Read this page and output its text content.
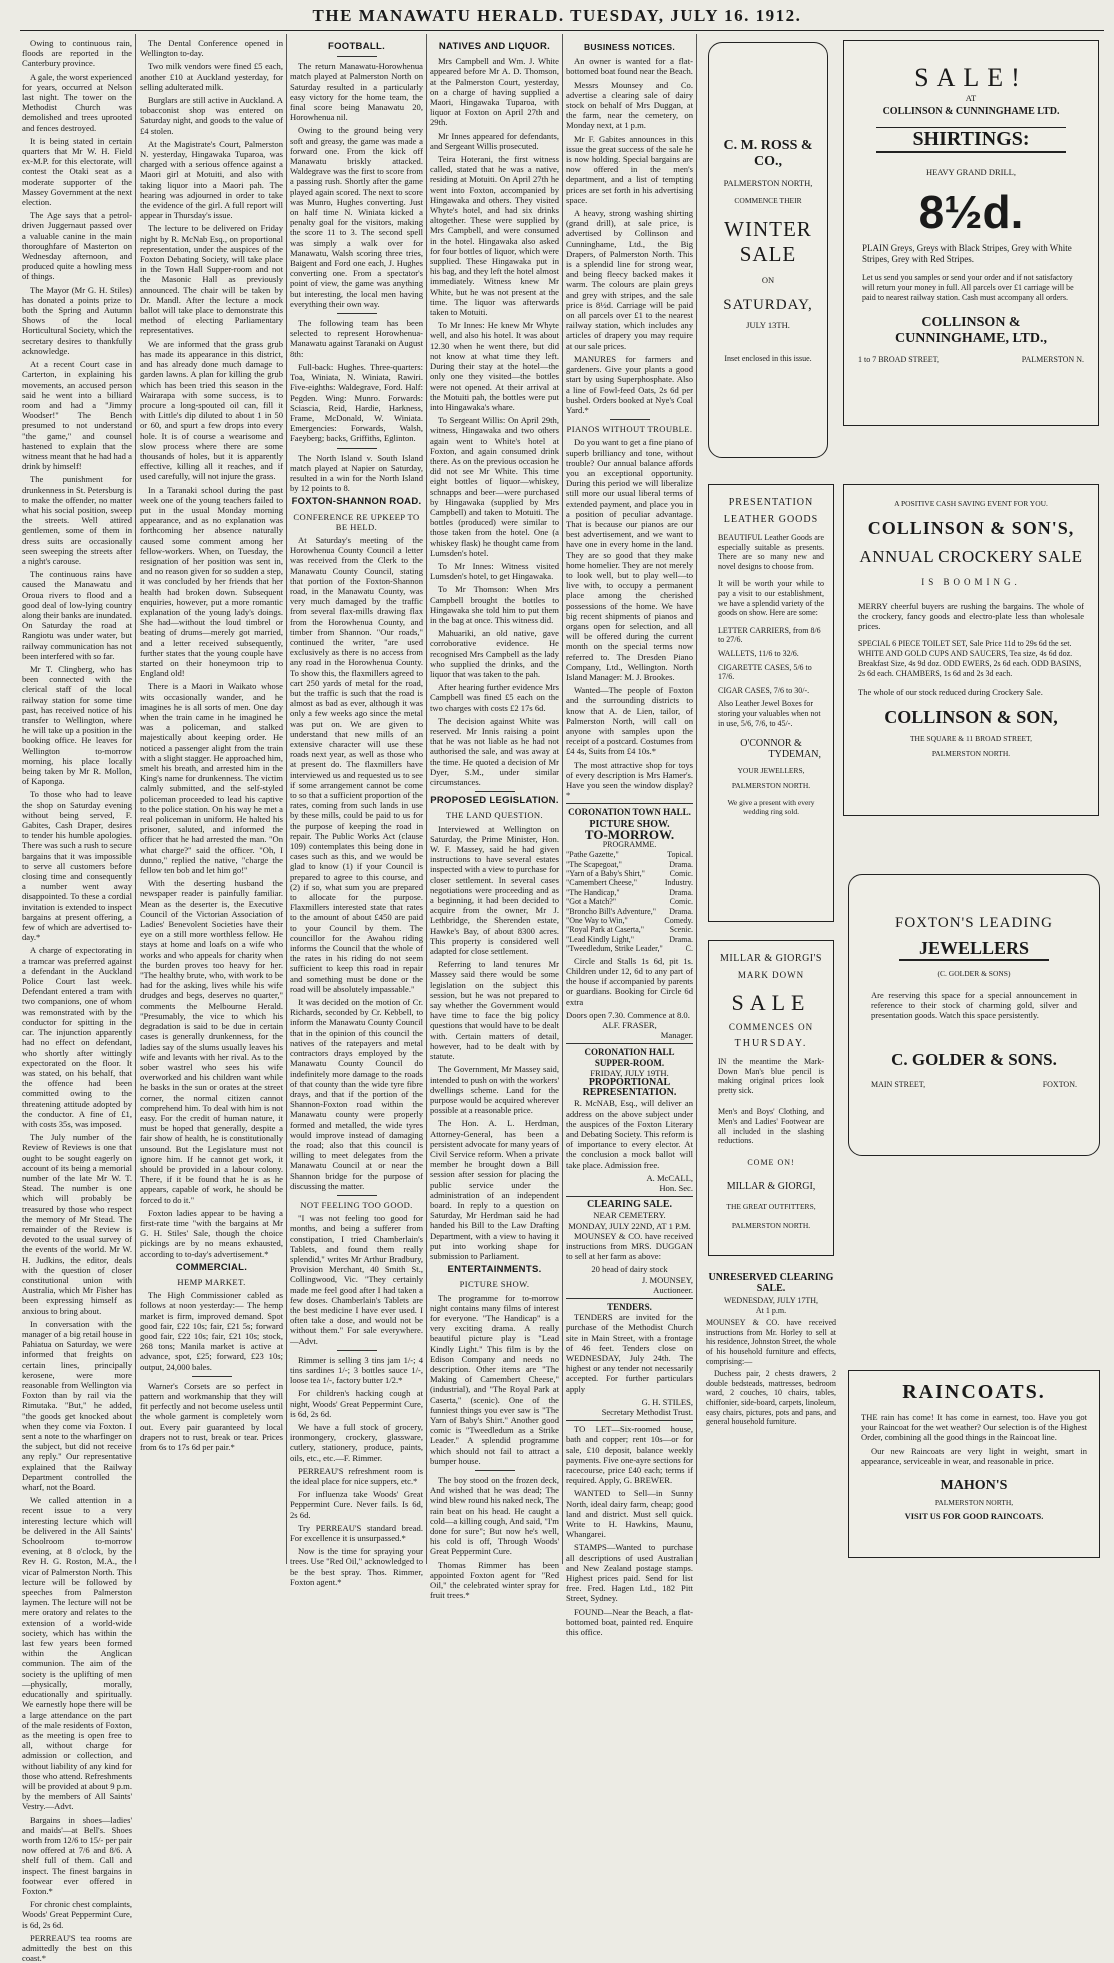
THE MANAWATU HERALD. TUESDAY, JULY 16. 1912.

Owing to continuous rain, floods are reported in the Canterbury province.

A gale, the worst experienced for years, occurred at Nelson last night. The tower on the Methodist Church was demolished and trees uprooted and fences destroyed.

It is being stated in certain quarters that Mr W. H. Field ex-M.P. for this electorate, will contest the Otaki seat as a moderate supporter of the Massey Government at the next election.

The Age says that a petrol-driven Juggernaut passed over a valuable canine in the main thoroughfare of Masterton on Wednesday afternoon, and produced quite a howling mess of things.

The Mayor (Mr G. H. Stiles) has donated a points prize to both the Spring and Autumn Shows of the local Horticultural Society, which the secretary desires to thankfully acknowledge.

At a recent Court case in Carterton, in explaining his movements, an accused person said he went into a billiard room and had a "Jimmy Woodser!" The Bench presumed to not understand "the game," and counsel hastened to explain that the witness meant that he had had a drink by himself!

The punishment for drunkenness in St. Petersburg is to make the offender, no matter what his social position, sweep the streets. Well attired gentlemen, some of them in dress suits are occasionally seen sweeping the streets after a night's carouse.

The continuous rains have caused the Manawatu and Oroua rivers to flood and a good deal of low-lying country along their banks are inundated. On Saturday the road at Rangiotu was under water, but railway communication has not been interfered with so far.

Mr T. Clingberg, who has been connected with the clerical staff of the local railway station for some time past, has received notice of his transfer to Wellington, where he will take up a position in the booking office. He leaves for Wellington to-morrow morning, his place locally being taken by Mr R. Mollon, of Kaponga.

To those who had to leave the shop on Saturday evening without being served, F. Gabites, Cash Draper, desires to tender his humble apologies. There was such a rush to secure bargains that it was impossible to serve all customers before closing time and consequently a number went away disappointed. To these a cordial invitation is extended to inspect bargains at present offering, a few of which are advertised to-day.*

A charge of expectorating in a tramcar was preferred against a defendant in the Auckland Police Court last week. Defendant entered a tram with two companions, one of whom was remonstrated with by the conductor for spitting in the car. The injunction apparently had no effect on defendant, who shortly after wittingly expectorated on the floor. It was stated, on his behalf, that the offence had been committed owing to the threatening attitude adopted by the conductor. A fine of £1, with costs 35s, was imposed.

The July number of the Review of Reviews is one that ought to be sought eagerly on account of its being a memorial number of the late Mr W. T. Stead. The number is one which will probably be treasured by those who respect the memory of Mr Stead. The remainder of the Review is devoted to the usual survey of the events of the world. Mr W. H. Judkins, the editor, deals with the question of closer constitutional union with Australia, which Mr Fisher has been expressing himself as anxious to bring about.

In conversation with the manager of a big retail house in Pahiatua on Saturday, we were informed that freights on certain lines, principally kerosene, were more reasonable from Wellington via Foxton than by rail via the Rimutaka. "But," he added, "the goods get knocked about when they come via Foxton. I sent a note to the wharfinger on the subject, but did not receive any reply." Our representative explained that the Railway Department controlled the wharf, not the Board.

We called attention in a recent issue to a very interesting lecture which will be delivered in the All Saints' Schoolroom to-morrow evening, at 8 o'clock, by the Rev H. G. Roston, M.A., the vicar of Palmerston North. This lecture will be followed by speeches from Palmerston laymen. The lecture will not be mere oratory and relates to the extension of a world-wide society, which has within the last few years been formed within the Anglican communion. The aim of the society is the uplifting of men—physically, morally, educationally and spiritually. We earnestly hope there will be a large attendance on the part of the male residents of Foxton, as the meeting is open free to all, without charge for admission or collection, and without liability of any kind for those who attend. Refreshments will be provided at about 9 p.m. by the members of All Saints' Vestry.—Advt.

Bargains in shoes—ladies' and maids'—at Bell's. Shoes worth from 12/6 to 15/- per pair now offered at 7/6 and 8/6. A shelf full of them. Call and inspect. The finest bargains in footwear ever offered in Foxton.*

For chronic chest complaints, Woods' Great Peppermint Cure, is 6d, 2s 6d.

PERREAU'S tea rooms are admittedly the best on this coast.*

The Dental Conference opened in Wellington to-day.

Two milk vendors were fined £5 each, another £10 at Auckland yesterday, for selling adulterated milk.

Burglars are still active in Auckland. A tobacconist shop was entered on Saturday night, and goods to the value of £4 stolen.

At the Magistrate's Court, Palmerston N. yesterday, Hingawaka Tuparoa, was charged with a serious offence against a Maori girl at Motuiti, and also with taking liquor into a Maori pah. The hearing was adjourned in order to take the evidence of the girl. A full report will appear in Thursday's issue.

The lecture to be delivered on Friday night by R. McNab Esq., on proportional representation, under the auspices of the Foxton Debating Society, will take place in the Town Hall Supper-room and not the Masonic Hall as previously announced. The chair will be taken by Dr. Mandl. After the lecture a mock ballot will take place to demonstrate this method of electing Parliamentary representatives.

We are informed that the grass grub has made its appearance in this district, and has already done much damage to garden lawns. A plan for killing the grub which has been tried this season in the Wairarapa with some success, is to procure a long-spouted oil can, fill it with Little's dip diluted to about 1 in 50 or 60, and spurt a few drops into every hole. It is of course a wearisome and slow process where there are some thousands of holes, but it is apparently effective, killing all it reaches, and if used carefully, will not injure the grass.

In a Taranaki school during the past week one of the young teachers failed to put in the usual Monday morning appearance, and as no explanation was forthcoming her absence naturally caused some comment among her fellow-workers. When, on Tuesday, the resignation of her position was sent in, and no reason given for so sudden a step, it was concluded by her friends that her health had broken down. Subsequent enquiries, however, put a more romantic explanation of the young lady's doings. She had—without the loud timbrel or beating of drums—merely got married, and a letter received subsequently, further states that the young couple have started on their honeymoon trip to England old!

There is a Maori in Waikato whose wits occasionally wander, and he imagines he is all sorts of men. One day when the train came in he imagined he was a policeman, and stalked majestically about keeping order. He noticed a passenger alight from the train with a slight stagger. He approached him, smelt his breath, and arrested him in the King's name for drunkenness. The victim calmly submitted, and the self-styled policeman proceeded to lead his captive to the police station. On his way he met a real policeman in uniform. He halted his prisoner, saluted, and informed the officer that he had arrested the man. "On what charge?" said the officer. "Oh, I dunno," replied the native, "charge the fellow ten bob and let him go!"

With the deserting husband the newspaper reader is painfully familiar. Mean as the deserter is, the Executive Council of the Victorian Association of Ladies' Benevolent Societies have their eye on a still more worthless fellow. He stays at home and loafs on a wife who works and who appeals for charity when the burden proves too heavy for her. "The healthy brute, who, with work to be had for the asking, lives while his wife drudges and begs, deserves no quarter," comments the Melbourne Herald. "Presumably, the vice to which his degradation is said to be due in certain cases is generally drunkenness, for the ladies say of the slums usually leaves his wife and levants with her rival. As to the sober wastrel who sees his wife overworked and his children want while he basks in the sun or orates at the street corner, the normal citizen cannot comprehend him. To deal with him is not easy. For the credit of human nature, it must be hoped that generally, despite a fair show of health, he is constitutionally unsound. But the Legislature must not ignore him. If he cannot get work, it should be provided in a labour colony. There, if it be found that he is as he appears, capable of work, he should be forced to do it."

Foxton ladies appear to be having a first-rate time "with the bargains at Mr G. H. Stiles' Sale, though the choice pickings are by no means exhausted, according to to-day's advertisement.*

COMMERCIAL.
HEMP MARKET.

The High Commissioner cabled as follows at noon yesterday:— The hemp market is firm, improved demand. Spot good fair, £22 10s; fair, £21 5s; forward good fair, £22 10s; fair, £21 10s; stock, 268 tons; Manila market is active at advance, spot, £25; forward, £23 10s; output, 24,000 bales.

Warner's Corsets are so perfect in pattern and workmanship that they will fit perfectly and not become useless until the whole garment is completely worn out. Every pair guaranteed by local drapers not to rust, break or tear. Prices from 6s to 17s 6d per pair.*

FOOTBALL.

The return Manawatu-Horowhenua match played at Palmerston North on Saturday resulted in a particularly easy victory for the home team, the final score being Manawatu 20, Horowhenua nil.

Owing to the ground being very soft and greasy, the game was made a forward one. From the kick off Manawatu briskly attacked. Waldegrave was the first to score from a passing rush. Shortly after the game played again scored. The next to score was Munro, Hughes converting. Just on half time N. Winiata kicked a penalty goal for the visitors, making the score 11 to 3. The second spell was simply a walk over for Manawatu, Walsh scoring three tries, Baigent and Ford one each, J. Hughes converting one. From a spectator's point of view, the game was anything but interesting, the local men having everything their own way.

The following team has been selected to represent Horowhenua-Manawatu against Taranaki on August 8th:

Full-back: Hughes. Three-quarters: Toa, Winiata, N. Winiata, Rawiri. Five-eighths: Waldegrave, Ford. Half: Pegden. Wing: Munro. Forwards: Sciascia, Reid, Hardie, Harkness, Frame, McDonald, W. Winiata. Emergencies: Forwards, Walsh, Faeyberg; backs, Griffiths, Eglinton.

The North Island v. South Island match played at Napier on Saturday, resulted in a win for the North Island by 12 points to 8.

FOXTON-SHANNON ROAD.
CONFERENCE RE UPKEEP TO BE HELD.

At Saturday's meeting of the Horowhenua County Council a letter was received from the Clerk to the Manawatu County Council, stating that portion of the Foxton-Shannon road, in the Manawatu County, was very much damaged by the traffic from several flax-mills drawing flax from the Horowhenua County, and timber from Shannon. "Our roads," continued the writer, "are used exclusively as there is no access from any road in the Horowhenua County. To show this, the flaxmillers agreed to cart 250 yards of metal for the road, but the traffic is such that the road is almost as bad as ever, although it was only a few weeks ago since the metal was put on. We are given to understand that new mills of an extensive character will use these roads next year, as well as those who at present do. The flaxmillers have interviewed us and requested us to see if some arrangement cannot be come to so that a sufficient proportion of the rates, coming from such lands in use by these mills, could be paid to us for the purpose of keeping the road in repair. The Public Works Act (clause 109) contemplates this being done in cases such as this, and we would be glad to know (1) if your Council is prepared to agree to this course, and (2) if so, what sum you are prepared to allocate for the purpose. Flaxmillers interested state that rates to the amount of about £450 are paid to your Council by them. The councillor for the Awahou riding informs the Council that the whole of the rates in his riding do not seem sufficient to keep this road in repair and something must be done or the road will be absolutely impassable."

It was decided on the motion of Cr. Richards, seconded by Cr. Kebbell, to inform the Manawatu County Council that in the opinion of this council the natives of the ratepayers and metal contractors drays employed by the Manawatu County Council do indefinitely more damage to the roads of that county than the wide tyre fibre drays, and that if the portion of the Shannon-Foxton road within the Manawatu county were properly formed and metalled, the wide tyres would improve instead of damaging the road; also that this council is willing to meet delegates from the Manawatu Council at or near the Shannon bridge for the purpose of discussing the matter.

NOT FEELING TOO GOOD.

"I was not feeling too good for months, and being a sufferer from constipation, I tried Chamberlain's Tablets, and found them really splendid," writes Mr Arthur Bradbury, Provision Merchant, 40 Smith St., Collingwood, Vic. "They certainly made me feel good after I had taken a few doses. Chamberlain's Tablets are the best medicine I have ever used. I often take a dose, and would not be without them." For sale everywhere.—Advt.

Rimmer is selling 3 tins jam 1/-; 4 tins sardines 1/-; 3 bottles sauce 1/-, loose tea 1/-, factory butter 1/2.*

For children's hacking cough at night, Woods' Great Peppermint Cure, is 6d, 2s 6d.

We have a full stock of grocery, ironmongery, crockery, glassware, cutlery, stationery, produce, paints, oils, etc., etc.—F. Rimmer.

PERREAU'S refreshment room is the ideal place for nice suppers, etc.*

For influenza take Woods' Great Peppermint Cure. Never fails. Is 6d, 2s 6d.

Try PERREAU'S standard bread. For excellence it is unsurpassed.*

Now is the time for spraying your trees. Use "Red Oil," acknowledged to be the best spray. Thos. Rimmer, Foxton agent.*

NATIVES AND LIQUOR.

Mrs Campbell and Wm. J. White appeared before Mr A. D. Thomson, at the Palmerston Court, yesterday, on a charge of having supplied a Maori, Hingawaka Tuparoa, with liquor at Foxton on April 27th and 29th.

Mr Innes appeared for defendants, and Sergeant Willis prosecuted.

Teira Hoterani, the first witness called, stated that he was a native, residing at Motuiti. On April 27th he went into Foxton, accompanied by Hingawaka and others. They visited Whyte's hotel, and had six drinks altogether. These were supplied by Mrs Campbell, and were consumed in the hotel. Hingawaka also asked for four bottles of liquor, which were supplied. These Hingawaka put in his bag, and they left the hotel almost immediately. Witness knew Mr White, but he was not present at the time. The liquor was afterwards taken to Motuiti.

To Mr Innes: He knew Mr Whyte well, and also his hotel. It was about 12.30 when he went there, but did not know at what time they left. During their stay at the hotel—the only one they visited—the bottles were not opened. At their arrival at the Motuiti pah, the bottles were put into Hingawaka's whare.

To Sergeant Willis: On April 29th, witness, Hingawaka and two others again went to White's hotel at Foxton, and again consumed drink there. As on the previous occasion he did not see Mr White. This time eight bottles of liquor—whiskey, schnapps and beer—were purchased by Hingawaka (supplied by Mrs Campbell) and taken to Motuiti. The bottles (produced) were similar to those taken from the hotel. One (a whiskey flask) he thought came from Lumsden's hotel.

To Mr Innes: Witness visited Lumsden's hotel, to get Hingawaka.

To Mr Thomson: When Mrs Campbell brought the bottles to Hingawaka she told him to put them in the bag at once. This witness did.

Mahuariki, an old native, gave corroborative evidence. He recognised Mrs Campbell as the lady who supplied the drinks, and the liquor that was taken to the pah.

After hearing further evidence Mrs Campbell was fined £5 each on the two charges with costs £2 17s 6d.

The decision against White was reserved. Mr Innis raising a point that he was not liable as he had not authorised the sale, and was away at the time. He quoted a decision of Mr Dyer, S.M., under similar circumstances.

PROPOSED LEGISLATION.
THE LAND QUESTION.

Interviewed at Wellington on Saturday, the Prime Minister, Hon. W. F. Massey, said he had given instructions to have several estates inspected with a view to purchase for closer settlement. In several cases negotiations were proceeding and as a beginning, it had been decided to acquire from the owner, Mr J. Lethbridge, the Sherenden estate, Hawke's Bay, of about 8300 acres. This property is considered well adapted for close settlement.

Referring to land tenures Mr Massey said there would be some legislation on the subject this session, but he was not prepared to say whether the Government would have time to face the big policy questions that would have to be dealt with. Certain matters of detail, however, had to be dealt with by statute.

The Government, Mr Massey said, intended to push on with the workers' dwellings scheme. Land for the purpose would be acquired wherever possible at a reasonable price.

The Hon. A. L. Herdman, Attorney-General, has been a persistent advocate for many years of Civil Service reform. When a private member he brought down a Bill session after session for placing the public service under the administration of an independent board. In reply to a question on Saturday, Mr Herdman said he had handed his Bill to the Law Drafting Department, with a view to having it put into working shape for submission to Parliament.

ENTERTAINMENTS.
PICTURE SHOW.

The programme for to-morrow night contains many films of interest for everyone. "The Handicap" is a very exciting drama. A really beautiful picture play is "Lead Kindly Light." This film is by the Edison Company and needs no description. Other items are "The Making of Camembert Cheese," (industrial), and "The Royal Park at Caserta," (scenic). One of the funniest things you ever saw is "The Yarn of Baby's Shirt." Another good comic is "Tweedledum as a Strike Leader." A splendid programme which should not fail to attract a bumper house.

The boy stood on the frozen deck, And wished that he was dead; The wind blew round his naked neck, The rain beat on his head. He caught a cold—a killing cough, And said, "I'm done for sure"; But now he's well, his cold is off, Through Woods' Great Peppermint Cure.

Thomas Rimmer has been appointed Foxton agent for "Red Oil," the celebrated winter spray for fruit trees.*

BUSINESS NOTICES.

An owner is wanted for a flat-bottomed boat found near the Beach.

Messrs Mounsey and Co. advertise a clearing sale of dairy stock on behalf of Mrs Duggan, at the farm, near the cemetery, on Monday next, at 1 p.m.

Mr F. Gabites announces in this issue the great success of the sale he is now holding. Special bargains are now offered in the men's department, and a list of tempting prices are set forth in his advertising space.

A heavy, strong washing shirting (grand drill), at sale price, is advertised by Collinson and Cunninghame, Ltd., the Big Drapers, of Palmerston North. This is a splendid line for strong wear, and being fleecy backed makes it warm. The colours are plain greys and grey with stripes, and the sale price is 8½d. Carriage will be paid on all parcels over £1 to the nearest railway station, which includes any articles of drapery you may require at our sale prices.

MANURES for farmers and gardeners. Give your plants a good start by using Superphosphate. Also a line of Fowl-feed Oats, 2s 6d per bushel. Orders booked at Nye's Coal Yard.*

PIANOS WITHOUT TROUBLE.

Do you want to get a fine piano of superb brilliancy and tone, without trouble? Our annual balance affords you an exceptional opportunity. During this period we will liberalize still more our usual liberal terms of extended payment, and place you in a position of peculiar advantage. That is because our pianos are our best advertisement, and we want to have one in every home in the land. They are so good that they make home homelier. They are not merely to look well, but to play well—to live with, to occupy a permanent place among the cherished possessions of the home. We have big recent shipments of pianos and organs open for selection, and all will be offered during the current month on the special terms now referred to. The Dresden Piano Company, Ltd., Wellington. North Island Manager: M. J. Brookes.

Wanted—The people of Foxton and the surrounding districts to know that A. de Lien, tailor, of Palmerston North, will call on anyone with samples upon the receipt of a postcard. Costumes from £4 4s, Suits from £4 10s.*

The most attractive shop for toys of every description is Mrs Hamer's. Have you seen the window display?*

CORONATION TOWN HALL.
PICTURE SHOW.
TO-MORROW.
PROGRAMME.
"Pathe Gazette,"	Topical.
"The Scapegoat,"	Drama.
"Yarn of a Baby's Shirt,"	Comic.
"Camembert Cheese,"	Industry.
"The Handicap,"	Drama.
"Got a Match?"	Comic.
"Broncho Bill's Adventure,"	Drama.
"One Way to Win,"	Comedy.
"Royal Park at Caserta,"	Scenic.
"Lead Kindly Light,"	Drama.
"Tweedledum, Strike Leader,"	C.

Circle and Stalls 1s 6d, pit 1s. Children under 12, 6d to any part of the house if accompanied by parents or guardians. Booking for Circle 6d extra

Doors open 7.30. Commence at 8.0.
ALF. FRASER,
Manager.
CORONATION HALL SUPPER-ROOM.
FRIDAY, JULY 19TH.
PROPORTIONAL REPRESENTATION.

R. McNAB, Esq., will deliver an address on the above subject under the auspices of the Foxton Literary and Debating Society. This reform is of importance to every elector. At the conclusion a mock ballot will take place. Admission free.

A. McCALL,
Hon. Sec.
CLEARING SALE.
NEAR CEMETERY.
MONDAY, JULY 22ND, AT 1 P.M.

MOUNSEY & CO. have received instructions from MRS. DUGGAN to sell at her farm as above:

20 head of dairy stock
J. MOUNSEY,
Auctioneer.
TENDERS.

TENDERS are invited for the purchase of the Methodist Church site in Main Street, with a frontage of 46 feet. Tenders close on WEDNESDAY, July 24th. The highest or any tender not necessarily accepted. For further particulars apply

G. H. STILES,
Secretary Methodist Trust.

TO LET—Six-roomed house, bath and copper; rent 10s—or for sale, £10 deposit, balance weekly payments. Five one-ayre sections for racecourse, price £40 each; terms if required. Apply, G. BREWER.

WANTED to Sell—in Sunny North, ideal dairy farm, cheap; good land and district. Must sell quick. Write to H. Hawkins, Maunu, Whangarei.

STAMPS—Wanted to purchase all descriptions of used Australian and New Zealand postage stamps. Highest prices paid. Send for list free. Fred. Hagen Ltd., 182 Pitt Street, Sydney.

FOUND—Near the Beach, a flat-bottomed boat, painted red. Enquire this office.

C. M. ROSS & CO.,
PALMERSTON NORTH,
COMMENCE THEIR
WINTER
SALE
ON
SATURDAY,
JULY 13TH.
Inset enclosed in this issue.
SALE!
AT
COLLINSON & CUNNINGHAME LTD.
SHIRTINGS:
HEAVY GRAND DRILL,
8½d.
PLAIN Greys, Greys with Black Stripes, Grey with White Stripes, Grey with Red Stripes.
Let us send you samples or send your order and if not satisfactory will return your money in full. All parcels over £1 carriage will be paid to nearest railway station. Cash must accompany all orders.
COLLINSON &
CUNNINGHAME, LTD.,
1 to 7 BROAD STREET,	PALMERSTON N.
PRESENTATION
LEATHER GOODS
BEAUTIFUL Leather Goods are especially suitable as presents. There are so many new and novel designs to choose from.
It will be worth your while to pay a visit to our establishment, we have a splendid variety of the goods on show. Here are some:
LETTER CARRIERS, from 8/6 to 27/6.
WALLETS, 11/6 to 32/6.
CIGARETTE CASES, 5/6 to 17/6.
CIGAR CASES, 7/6 to 30/-.
Also Leather Jewel Boxes for storing your valuables when not in use, 5/6, 7/6, to 45/-.
O'CONNOR &
TYDEMAN,
YOUR JEWELLERS,
PALMERSTON NORTH.
We give a present with every wedding ring sold.
A POSITIVE CASH SAVING EVENT FOR YOU.
COLLINSON & SON'S,
ANNUAL CROCKERY SALE
IS BOOMING.
MERRY cheerful buyers are rushing the bargains. The whole of the crockery, fancy goods and electro-plate less than wholesale prices.
SPECIAL 6 PIECE TOILET SET, Sale Price 11d to 29s 6d the set. WHITE AND GOLD CUPS AND SAUCERS, Tea size, 4s 6d doz. Breakfast Size, 4s 9d doz. ODD EWERS, 2s 6d each. ODD BASINS, 2s 6d each. CHAMBERS, 1s 6d and 2s 3d each.
The whole of our stock reduced during Crockery Sale.
COLLINSON & SON,
THE SQUARE & 11 BROAD STREET,
PALMERSTON NORTH.
MILLAR & GIORGI'S
MARK DOWN
SALE
COMMENCES ON
THURSDAY.
IN the meantime the Mark-Down Man's blue pencil is making original prices look pretty sick.
Men's and Boys' Clothing, and Men's and Ladies' Footwear are all included in the slashing reductions.
COME ON!
MILLAR & GIORGI,
THE GREAT OUTFITTERS,
PALMERSTON NORTH.
FOXTON'S LEADING
JEWELLERS
(C. GOLDER & SONS)
Are reserving this space for a special announcement in reference to their stock of charming gold, silver and presentation goods. Watch this space persistently.
C. GOLDER & SONS.
MAIN STREET,	FOXTON.
UNRESERVED CLEARING SALE.
WEDNESDAY, JULY 17TH,
At 1 p.m.

MOUNSEY & CO. have received instructions from Mr. Horley to sell at his residence, Johnston Street, the whole of his household furniture and effects, comprising:—

Duchess pair, 2 chests drawers, 2 double bedsteads, mattresses, bedroom ward, 2 couches, 10 chairs, tables, chiffonier, side-board, carpets, linoleum, easy chairs, pictures, pots and pans, and general household furniture.

RAINCOATS.
THE rain has come! It has come in earnest, too. Have you got your Raincoat for the wet weather? Our selection is of the Highest Order, combining all the good things in the Raincoat line.
Our new Raincoats are very light in weight, smart in appearance, serviceable in wear, and reasonable in price.
MAHON'S
PALMERSTON NORTH,
VISIT US FOR GOOD RAINCOATS.
